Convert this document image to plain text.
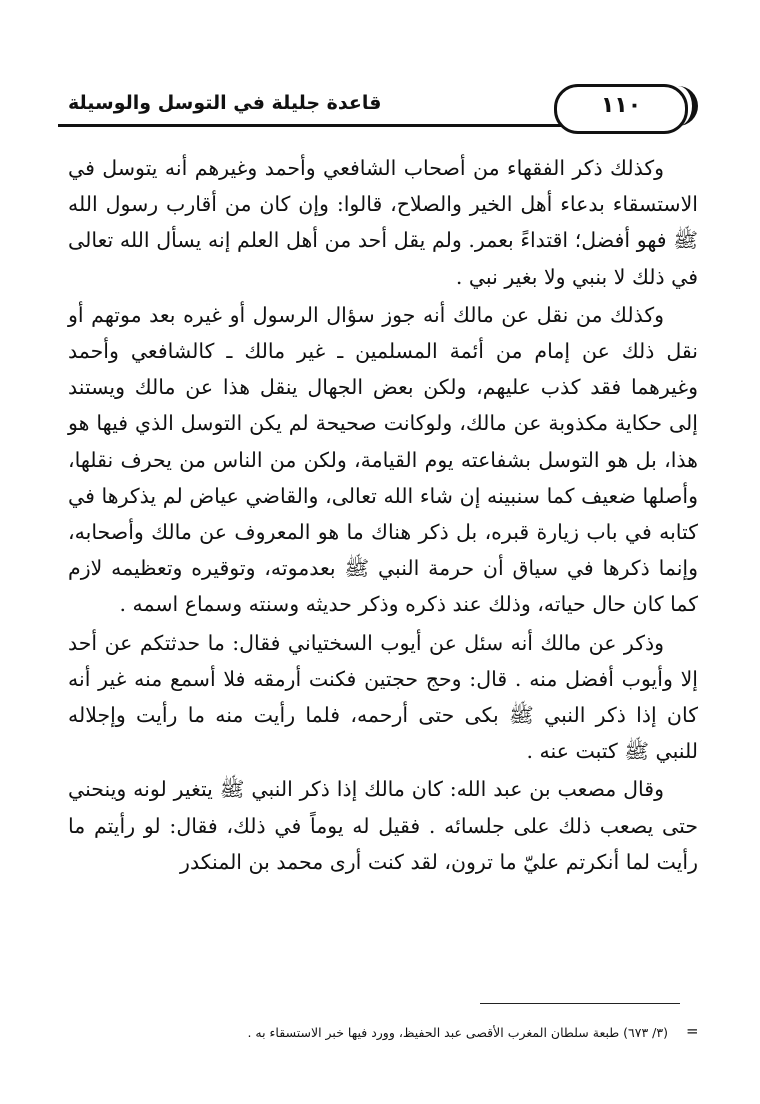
قاعدة جليلة في التوسل والوسيلة	١١٠

وكذلك ذكر الفقهاء من أصحاب الشافعي وأحمد وغيرهم أنه يتوسل في الاستسقاء بدعاء أهل الخير والصلاح، قالوا: وإن كان من أقارب رسول الله ﷺ فهو أفضل؛ اقتداءً بعمر. ولم يقل أحد من أهل العلم إنه يسأل الله تعالى في ذلك لا بنبي ولا بغير نبي .

وكذلك من نقل عن مالك أنه جوز سؤال الرسول أو غيره بعد موتهم أو نقل ذلك عن إمام من أئمة المسلمين ـ غير مالك ـ كالشافعي وأحمد وغيرهما فقد كذب عليهم، ولكن بعض الجهال ينقل هذا عن مالك ويستند إلى حكاية مكذوبة عن مالك، ولوكانت صحيحة لم يكن التوسل الذي فيها هو هذا، بل هو التوسل بشفاعته يوم القيامة، ولكن من الناس من يحرف نقلها، وأصلها ضعيف كما سنبينه إن شاء الله تعالى، والقاضي عياض لم يذكرها في كتابه في باب زيارة قبره، بل ذكر هناك ما هو المعروف عن مالك وأصحابه، وإنما ذكرها في سياق أن حرمة النبي ﷺ بعدموته، وتوقيره وتعظيمه لازم كما كان حال حياته، وذلك عند ذكره وذكر حديثه وسنته وسماع اسمه .

وذكر عن مالك أنه سئل عن أيوب السختياني فقال: ما حدثتكم عن أحد إلا وأيوب أفضل منه . قال: وحج حجتين فكنت أرمقه فلا أسمع منه غير أنه كان إذا ذكر النبي ﷺ بكى حتى أرحمه، فلما رأيت منه ما رأيت وإجلاله للنبي ﷺ كتبت عنه .

وقال مصعب بن عبد الله: كان مالك إذا ذكر النبي ﷺ يتغير لونه وينحني حتى يصعب ذلك على جلسائه . فقيل له يوماً في ذلك، فقال: لو رأيتم ما رأيت لما أنكرتم عليّ ما ترون، لقد كنت أرى محمد بن المنكدر

=
(٣/ ٦٧٣) طبعة سلطان المغرب الأقصى عبد الحفيظ، وورد فيها خبر الاستسقاء به .
